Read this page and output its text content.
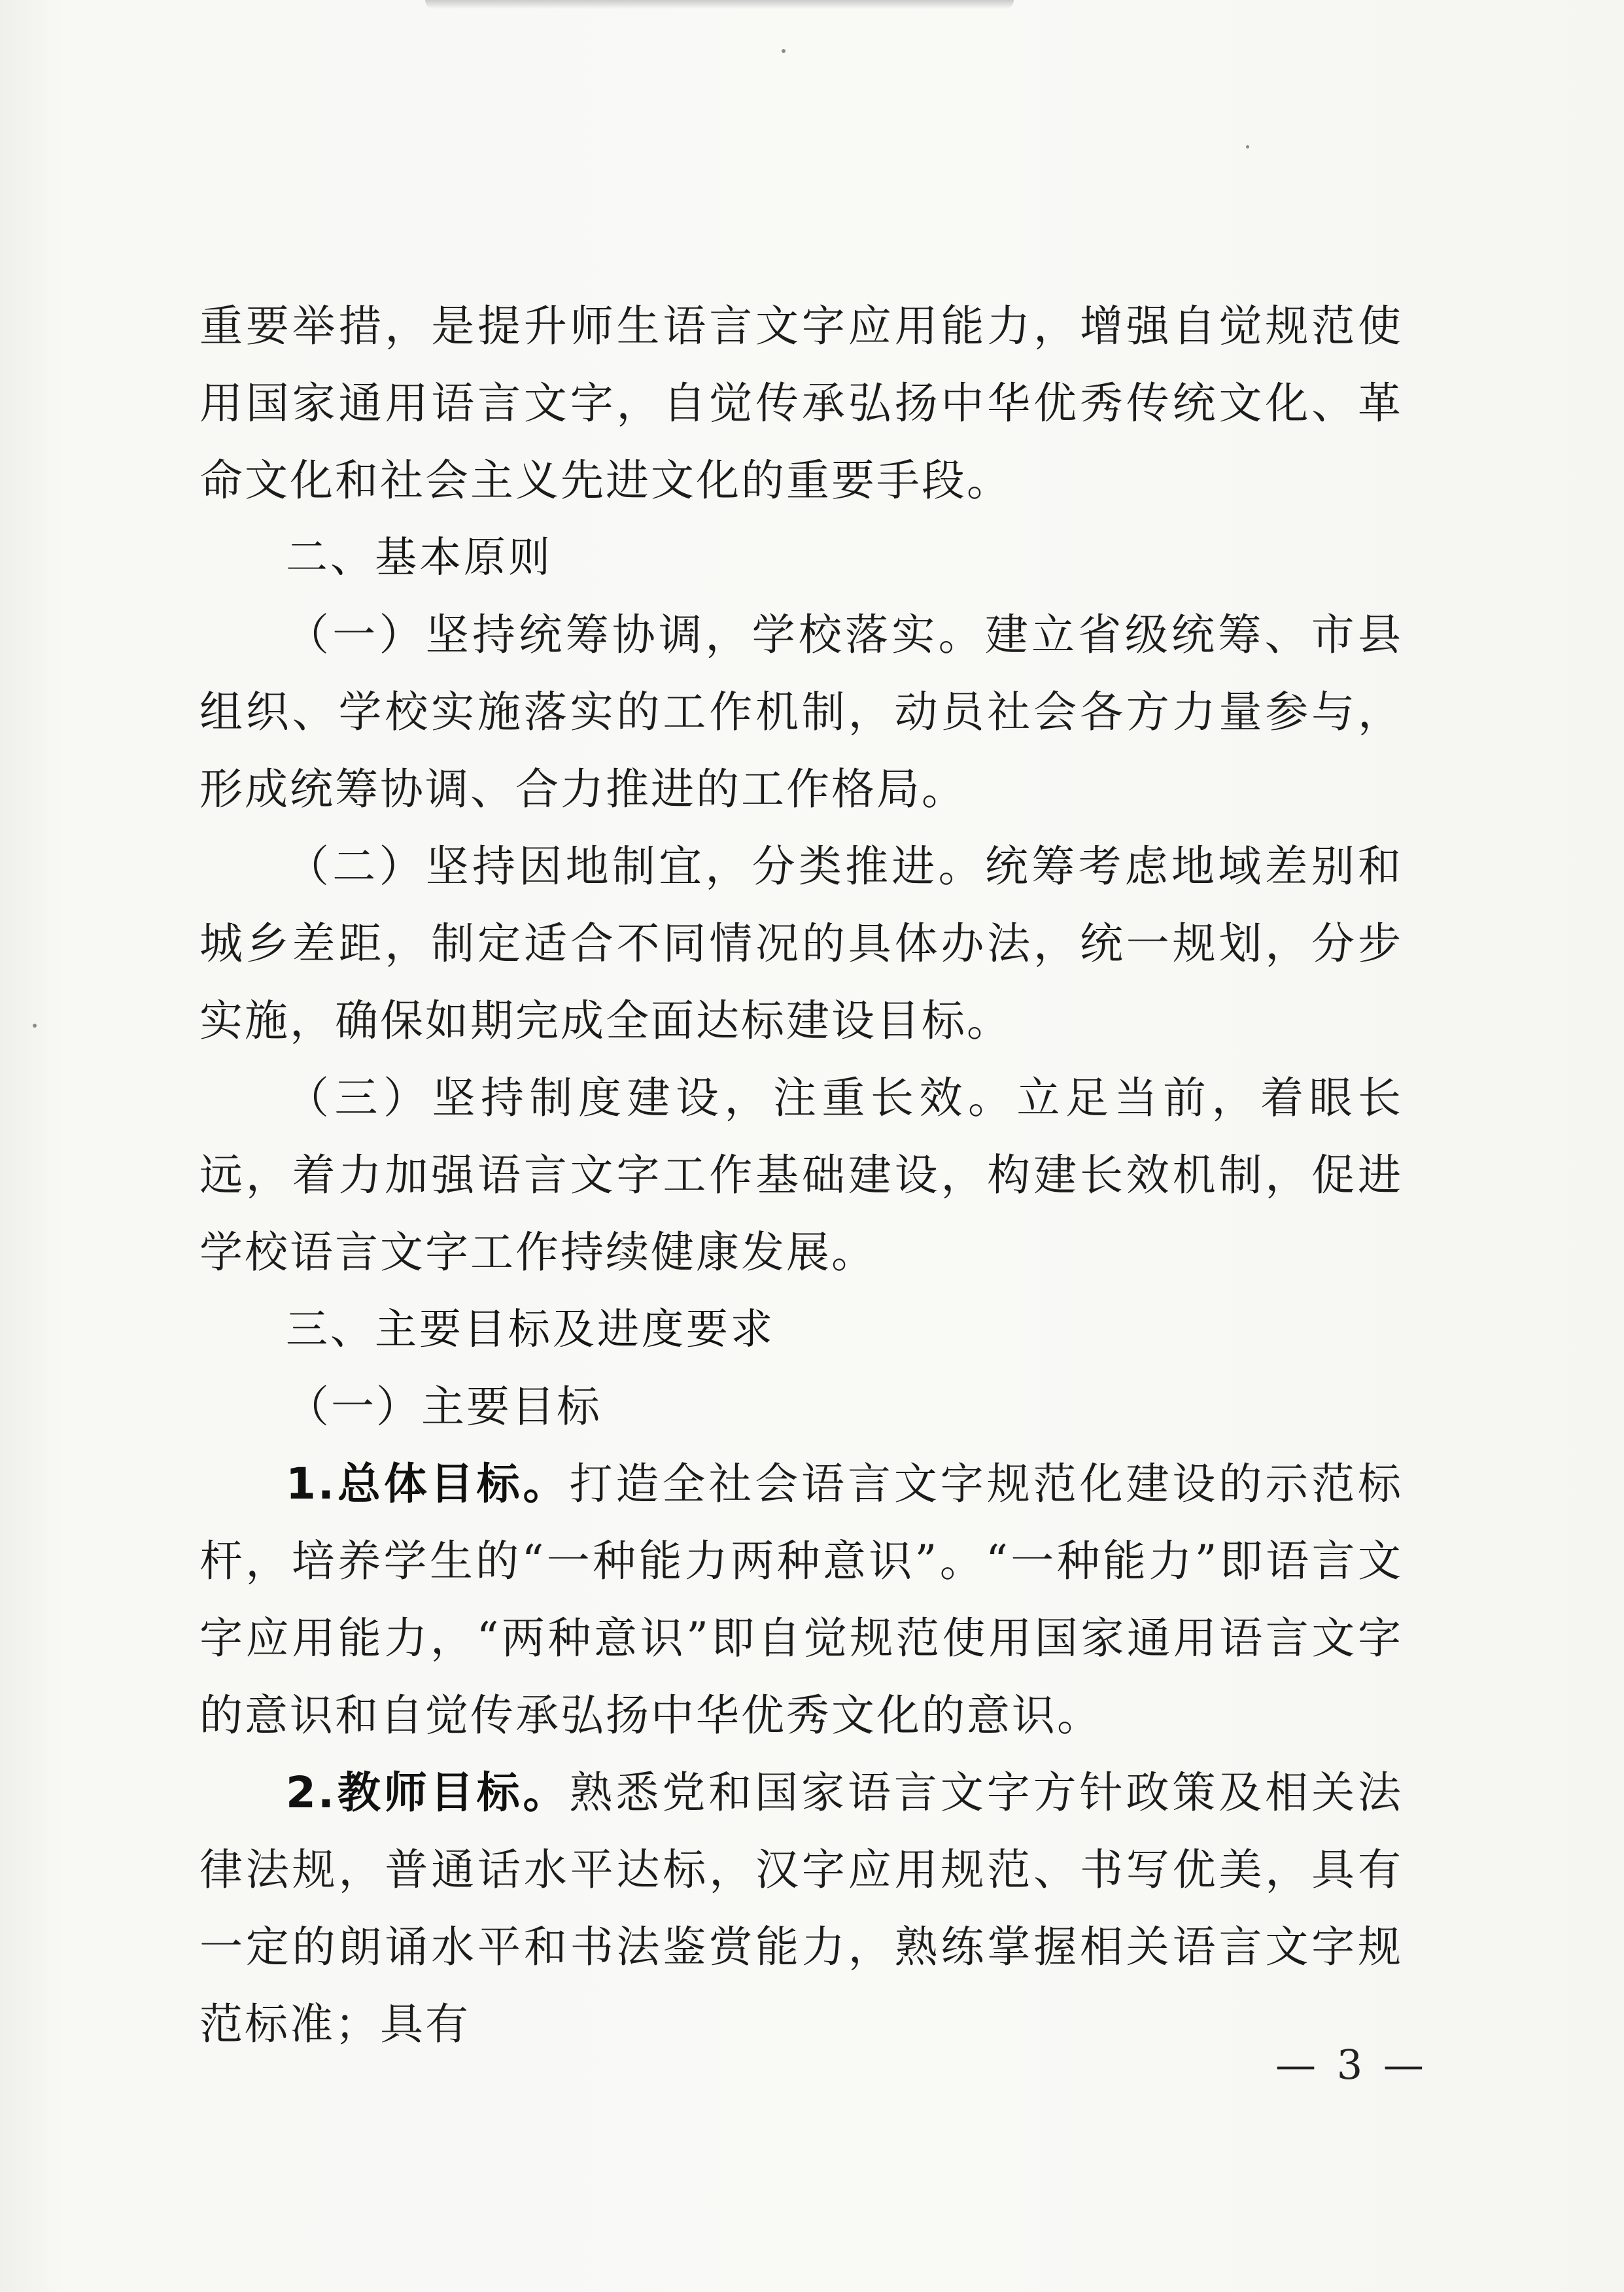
重要举措，是提升师生语言文字应用能力，增强自觉规范使用国家通用语言文字，自觉传承弘扬中华优秀传统文化、革命文化和社会主义先进文化的重要手段。

二、基本原则

（一）坚持统筹协调，学校落实。建立省级统筹、市县组织、学校实施落实的工作机制，动员社会各方力量参与，形成统筹协调、合力推进的工作格局。

（二）坚持因地制宜，分类推进。统筹考虑地域差别和城乡差距，制定适合不同情况的具体办法，统一规划，分步实施，确保如期完成全面达标建设目标。

（三）坚持制度建设，注重长效。立足当前，着眼长远，着力加强语言文字工作基础建设，构建长效机制，促进学校语言文字工作持续健康发展。

三、主要目标及进度要求

（一）主要目标

1.总体目标。打造全社会语言文字规范化建设的示范标杆，培养学生的“一种能力两种意识”。“一种能力”即语言文字应用能力，“两种意识”即自觉规范使用国家通用语言文字的意识和自觉传承弘扬中华优秀文化的意识。

2.教师目标。熟悉党和国家语言文字方针政策及相关法律法规，普通话水平达标，汉字应用规范、书写优美，具有一定的朗诵水平和书法鉴赏能力，熟练掌握相关语言文字规范标准；具有

— 3 —
